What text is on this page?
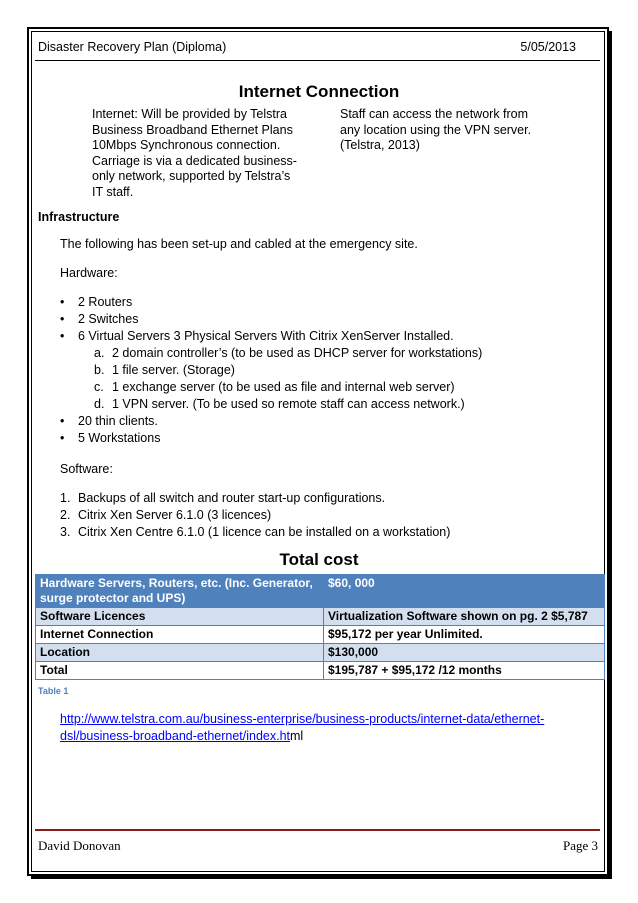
Disaster Recovery Plan (Diploma)	5/05/2013
Internet Connection
Internet: Will be provided by Telstra
Business Broadband Ethernet Plans
10Mbps Synchronous connection.
Carriage is via a dedicated business-
only network, supported by Telstra’s
IT staff.
Staff can access the network from
any location using the VPN server.
(Telstra, 2013)
Infrastructure
The following has been set-up and cabled at the emergency site.
Hardware:
• 2 Routers
• 2 Switches
• 6 Virtual Servers 3 Physical Servers With Citrix XenServer Installed.
a. 2 domain controller’s (to be used as DHCP server for workstations)
b. 1 file server. (Storage)
c. 1 exchange server (to be used as file and internal web server)
d. 1 VPN server. (To be used so remote staff can access network.)
• 20 thin clients.
• 5 Workstations
1. Backups of all switch and router start-up configurations.
2. Citrix Xen Server 6.1.0 (3 licences)
3. Citrix Xen Centre 6.1.0 (1 licence can be installed on a workstation)
Software:
Total cost
Hardware Servers, Routers, etc. (Inc. Generator, surge protector and UPS)	$60, 000
Software Licences	Virtualization Software shown on pg. 2 $5,787
Internet Connection	$95,172 per year Unlimited.
Location	$130,000
Total	$195,787 + $95,172 /12 months
Table 1
http://www.telstra.com.au/business-enterprise/business-products/internet-data/ethernet-dsl/business-broadband-ethernet/index.html
David Donovan	Page 3
